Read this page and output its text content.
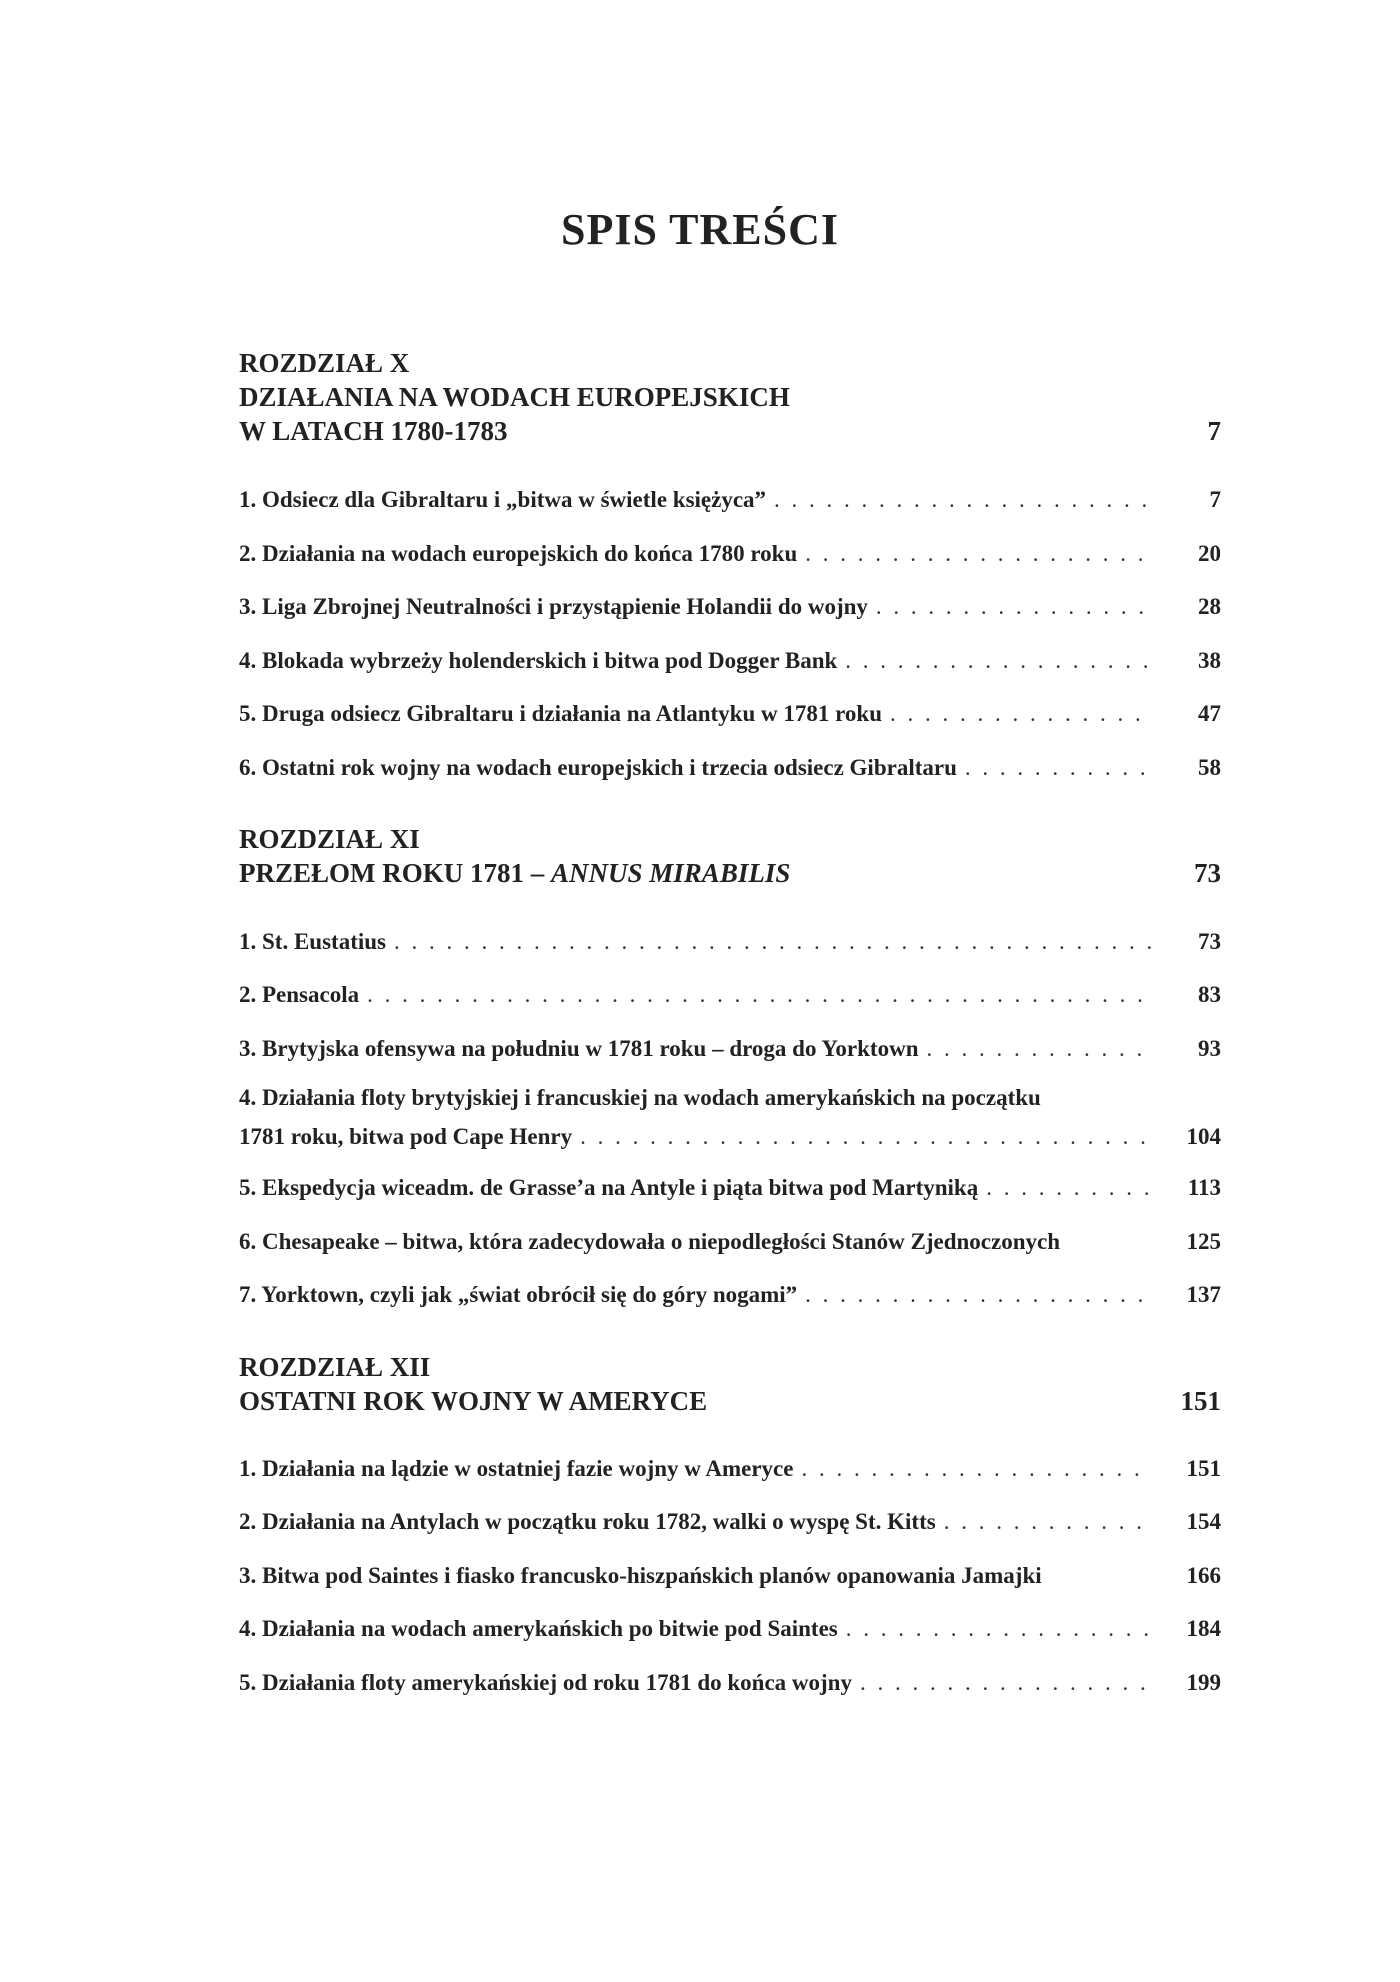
SPIS TREŚCI
ROZDZIAŁ X
DZIAŁANIA NA WODACH EUROPEJSKICH
W LATACH 1780-1783	7
1. Odsiecz dla Gibraltaru i „bitwa w świetle księżyca” . . .	7
2. Działania na wodach europejskich do końca 1780 roku . . .	20
3. Liga Zbrojnej Neutralności i przystąpienie Holandii do wojny . . .	28
4. Blokada wybrzeży holenderskich i bitwa pod Dogger Bank . . .	38
5. Druga odsiecz Gibraltaru i działania na Atlantyku w 1781 roku . . .	47
6. Ostatni rok wojny na wodach europejskich i trzecia odsiecz Gibraltaru . . .	58
ROZDZIAŁ XI
PRZEŁOM ROKU 1781 – ANNUS MIRABILIS	73
1. St. Eustatius . . .	73
2. Pensacola . . .	83
3. Brytyjska ofensywa na południu w 1781 roku – droga do Yorktown . . .	93
4. Działania floty brytyjskiej i francuskiej na wodach amerykańskich na początku
1781 roku, bitwa pod Cape Henry . . .	104
5. Ekspedycja wiceadm. de Grasse’a na Antyle i piąta bitwa pod Martyniką . . .	113
6. Chesapeake – bitwa, która zadecydowała o niepodległości Stanów Zjednoczonych	125
7. Yorktown, czyli jak „świat obrócił się do góry nogami” . . .	137
ROZDZIAŁ XII
OSTATNI ROK WOJNY W AMERYCE	151
1. Działania na lądzie w ostatniej fazie wojny w Ameryce . . .	151
2. Działania na Antylach w początku roku 1782, walki o wyspę St. Kitts . . .	154
3. Bitwa pod Saintes i fiasko francusko-hiszpańskich planów opanowania Jamajki	166
4. Działania na wodach amerykańskich po bitwie pod Saintes . . .	184
5. Działania floty amerykańskiej od roku 1781 do końca wojny . . .	199
